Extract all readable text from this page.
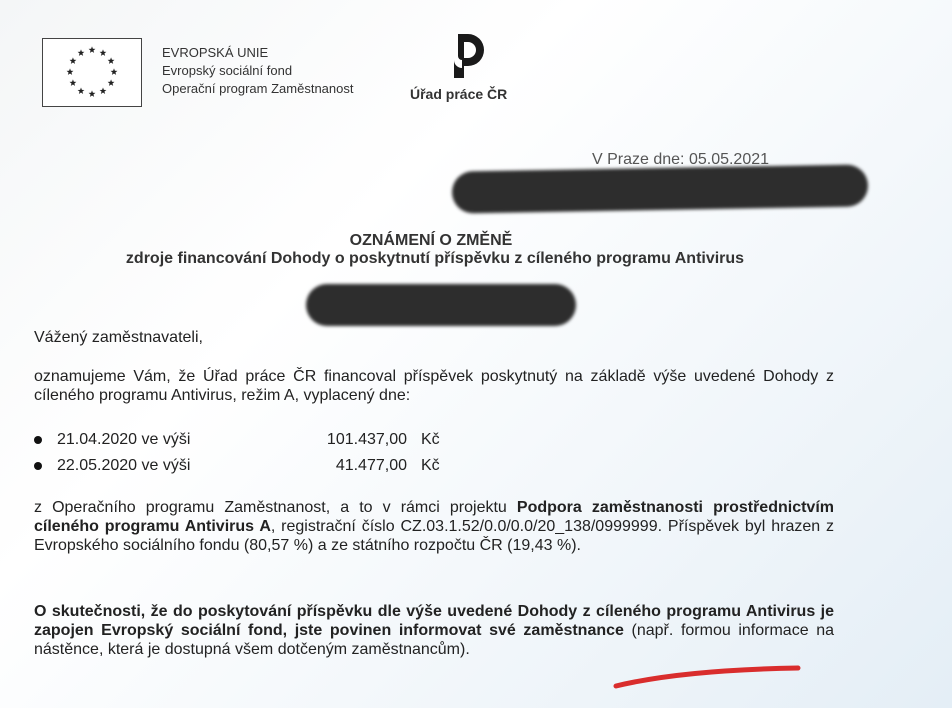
EVROPSKÁ UNIE
Evropský sociální fond
Operační program Zaměstnanost	Úřad práce ČR
V Praze dne: 05.05.2021
OZNÁMENÍ O ZMĚNĚ
zdroje financování Dohody o poskytnutí příspěvku z cíleného programu Antivirus
Vážený zaměstnavateli,
oznamujeme Vám, že Úřad práce ČR financoval příspěvek poskytnutý na základě výše uvedené Dohody z cíleného programu Antivirus, režim A, vyplacený dne:
21.04.2020 ve výši	101.437,00 Kč
22.05.2020 ve výši	41.477,00 Kč
z Operačního programu Zaměstnanost, a to v rámci projektu Podpora zaměstnanosti prostřednictvím cíleného programu Antivirus A, registrační číslo CZ.03.1.52/0.0/0.0/20_138/0999999. Příspěvek byl hrazen z Evropského sociálního fondu (80,57 %) a ze státního rozpočtu ČR (19,43 %).
O skutečnosti, že do poskytování příspěvku dle výše uvedené Dohody z cíleného programu Antivirus je zapojen Evropský sociální fond, jste povinen informovat své zaměstnance (např. formou informace na nástěnce, která je dostupná všem dotčeným zaměstnancům).
